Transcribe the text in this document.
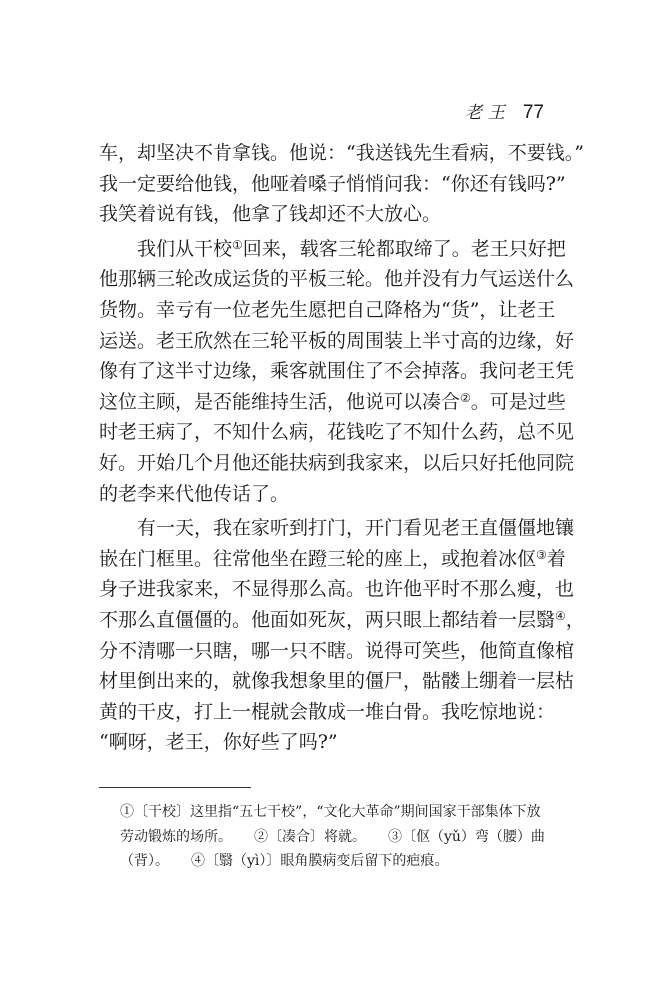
老王 77
车，却坚决不肯拿钱。他说：“我送钱先生看病，不要钱。”
我一定要给他钱，他哑着嗓子悄悄问我：“你还有钱吗?”
我笑着说有钱，他拿了钱却还不大放心。
我们从干校①回来，载客三轮都取缔了。老王只好把
他那辆三轮改成运货的平板三轮。他并没有力气运送什么
货物。幸亏有一位老先生愿把自己降格为“货”，让老王
运送。老王欣然在三轮平板的周围装上半寸高的边缘，好
像有了这半寸边缘，乘客就围住了不会掉落。我问老王凭
这位主顾，是否能维持生活，他说可以凑合②。可是过些
时老王病了，不知什么病，花钱吃了不知什么药，总不见
好。开始几个月他还能扶病到我家来，以后只好托他同院
的老李来代他传话了。
有一天，我在家听到打门，开门看见老王直僵僵地镶
嵌在门框里。往常他坐在蹬三轮的座上，或抱着冰伛③着
身子进我家来，不显得那么高。也许他平时不那么瘦，也
不那么直僵僵的。他面如死灰，两只眼上都结着一层翳④，
分不清哪一只瞎，哪一只不瞎。说得可笑些，他简直像棺
材里倒出来的，就像我想象里的僵尸，骷髅上绷着一层枯
黄的干皮，打上一棍就会散成一堆白骨。我吃惊地说：
“啊呀，老王，你好些了吗?”
①〔干校〕这里指“五七干校”，“文化大革命”期间国家干部集体下放
劳动锻炼的场所。 ②〔凑合〕将就。 ③〔伛（yǔ）弯（腰）曲
（背）。 ④〔翳（yì）〕眼角膜病变后留下的疤痕。
